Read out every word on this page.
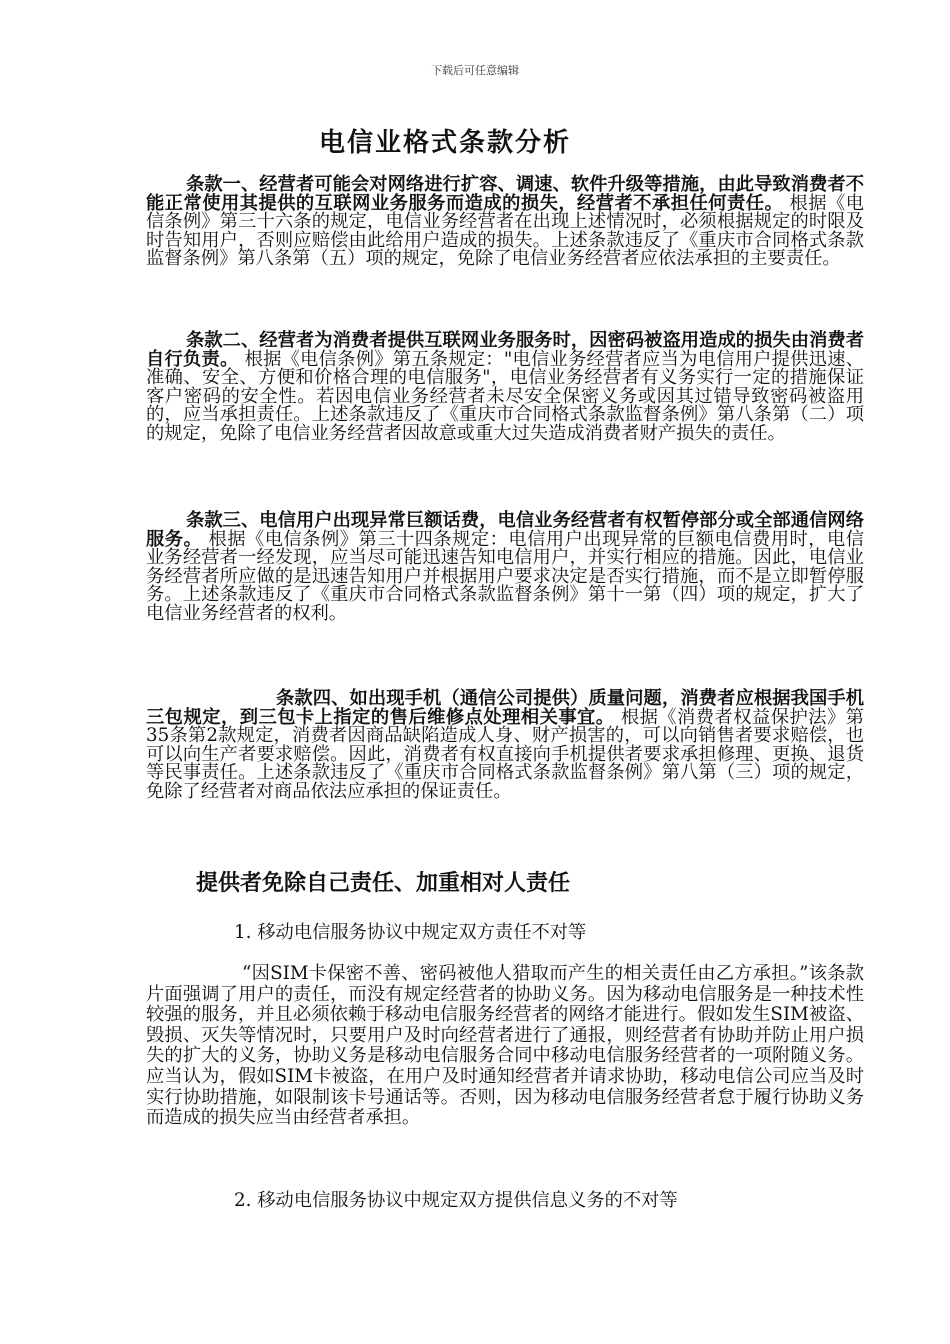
下载后可任意编辑
电信业格式条款分析
条款一、经营者可能会对网络进行扩容、调速、软件升级等措施，由此导致消费者不能正常使用其提供的互联网业务服务而造成的损失，经营者不承担任何责任。 根据《电信条例》第三十六条的规定，电信业务经营者在出现上述情况时，必须根据规定的时限及时告知用户，否则应赔偿由此给用户造成的损失。上述条款违反了《重庆市合同格式条款监督条例》第八条第（五）项的规定，免除了电信业务经营者应依法承担的主要责任。
条款二、经营者为消费者提供互联网业务服务时，因密码被盗用造成的损失由消费者自行负责。 根据《电信条例》第五条规定："电信业务经营者应当为电信用户提供迅速、准确、安全、方便和价格合理的电信服务"，电信业务经营者有义务实行一定的措施保证客户密码的安全性。若因电信业务经营者未尽安全保密义务或因其过错导致密码被盗用的，应当承担责任。上述条款违反了《重庆市合同格式条款监督条例》第八条第（二）项的规定，免除了电信业务经营者因故意或重大过失造成消费者财产损失的责任。
条款三、电信用户出现异常巨额话费，电信业务经营者有权暂停部分或全部通信网络服务。 根据《电信条例》第三十四条规定：电信用户出现异常的巨额电信费用时，电信业务经营者一经发现，应当尽可能迅速告知电信用户，并实行相应的措施。因此，电信业务经营者所应做的是迅速告知用户并根据用户要求决定是否实行措施，而不是立即暂停服务。上述条款违反了《重庆市合同格式条款监督条例》第十一第（四）项的规定，扩大了电信业务经营者的权利。
条款四、如出现手机（通信公司提供）质量问题，消费者应根据我国手机三包规定，到三包卡上指定的售后维修点处理相关事宜。 根据《消费者权益保护法》第35条第2款规定，消费者因商品缺陷造成人身、财产损害的，可以向销售者要求赔偿，也可以向生产者要求赔偿。因此，消费者有权直接向手机提供者要求承担修理、更换、退货等民事责任。上述条款违反了《重庆市合同格式条款监督条例》第八第（三）项的规定，免除了经营者对商品依法应承担的保证责任。
提供者免除自己责任、加重相对人责任
1. 移动电信服务协议中规定双方责任不对等
“因SIM卡保密不善、密码被他人猎取而产生的相关责任由乙方承担。”该条款片面强调了用户的责任，而没有规定经营者的协助义务。因为移动电信服务是一种技术性较强的服务，并且必须依赖于移动电信服务经营者的网络才能进行。假如发生SIM被盗、毁损、灭失等情况时，只要用户及时向经营者进行了通报，则经营者有协助并防止用户损失的扩大的义务，协助义务是移动电信服务合同中移动电信服务经营者的一项附随义务。应当认为，假如SIM卡被盗，在用户及时通知经营者并请求协助，移动电信公司应当及时实行协助措施，如限制该卡号通话等。否则，因为移动电信服务经营者怠于履行协助义务而造成的损失应当由经营者承担。
2. 移动电信服务协议中规定双方提供信息义务的不对等
